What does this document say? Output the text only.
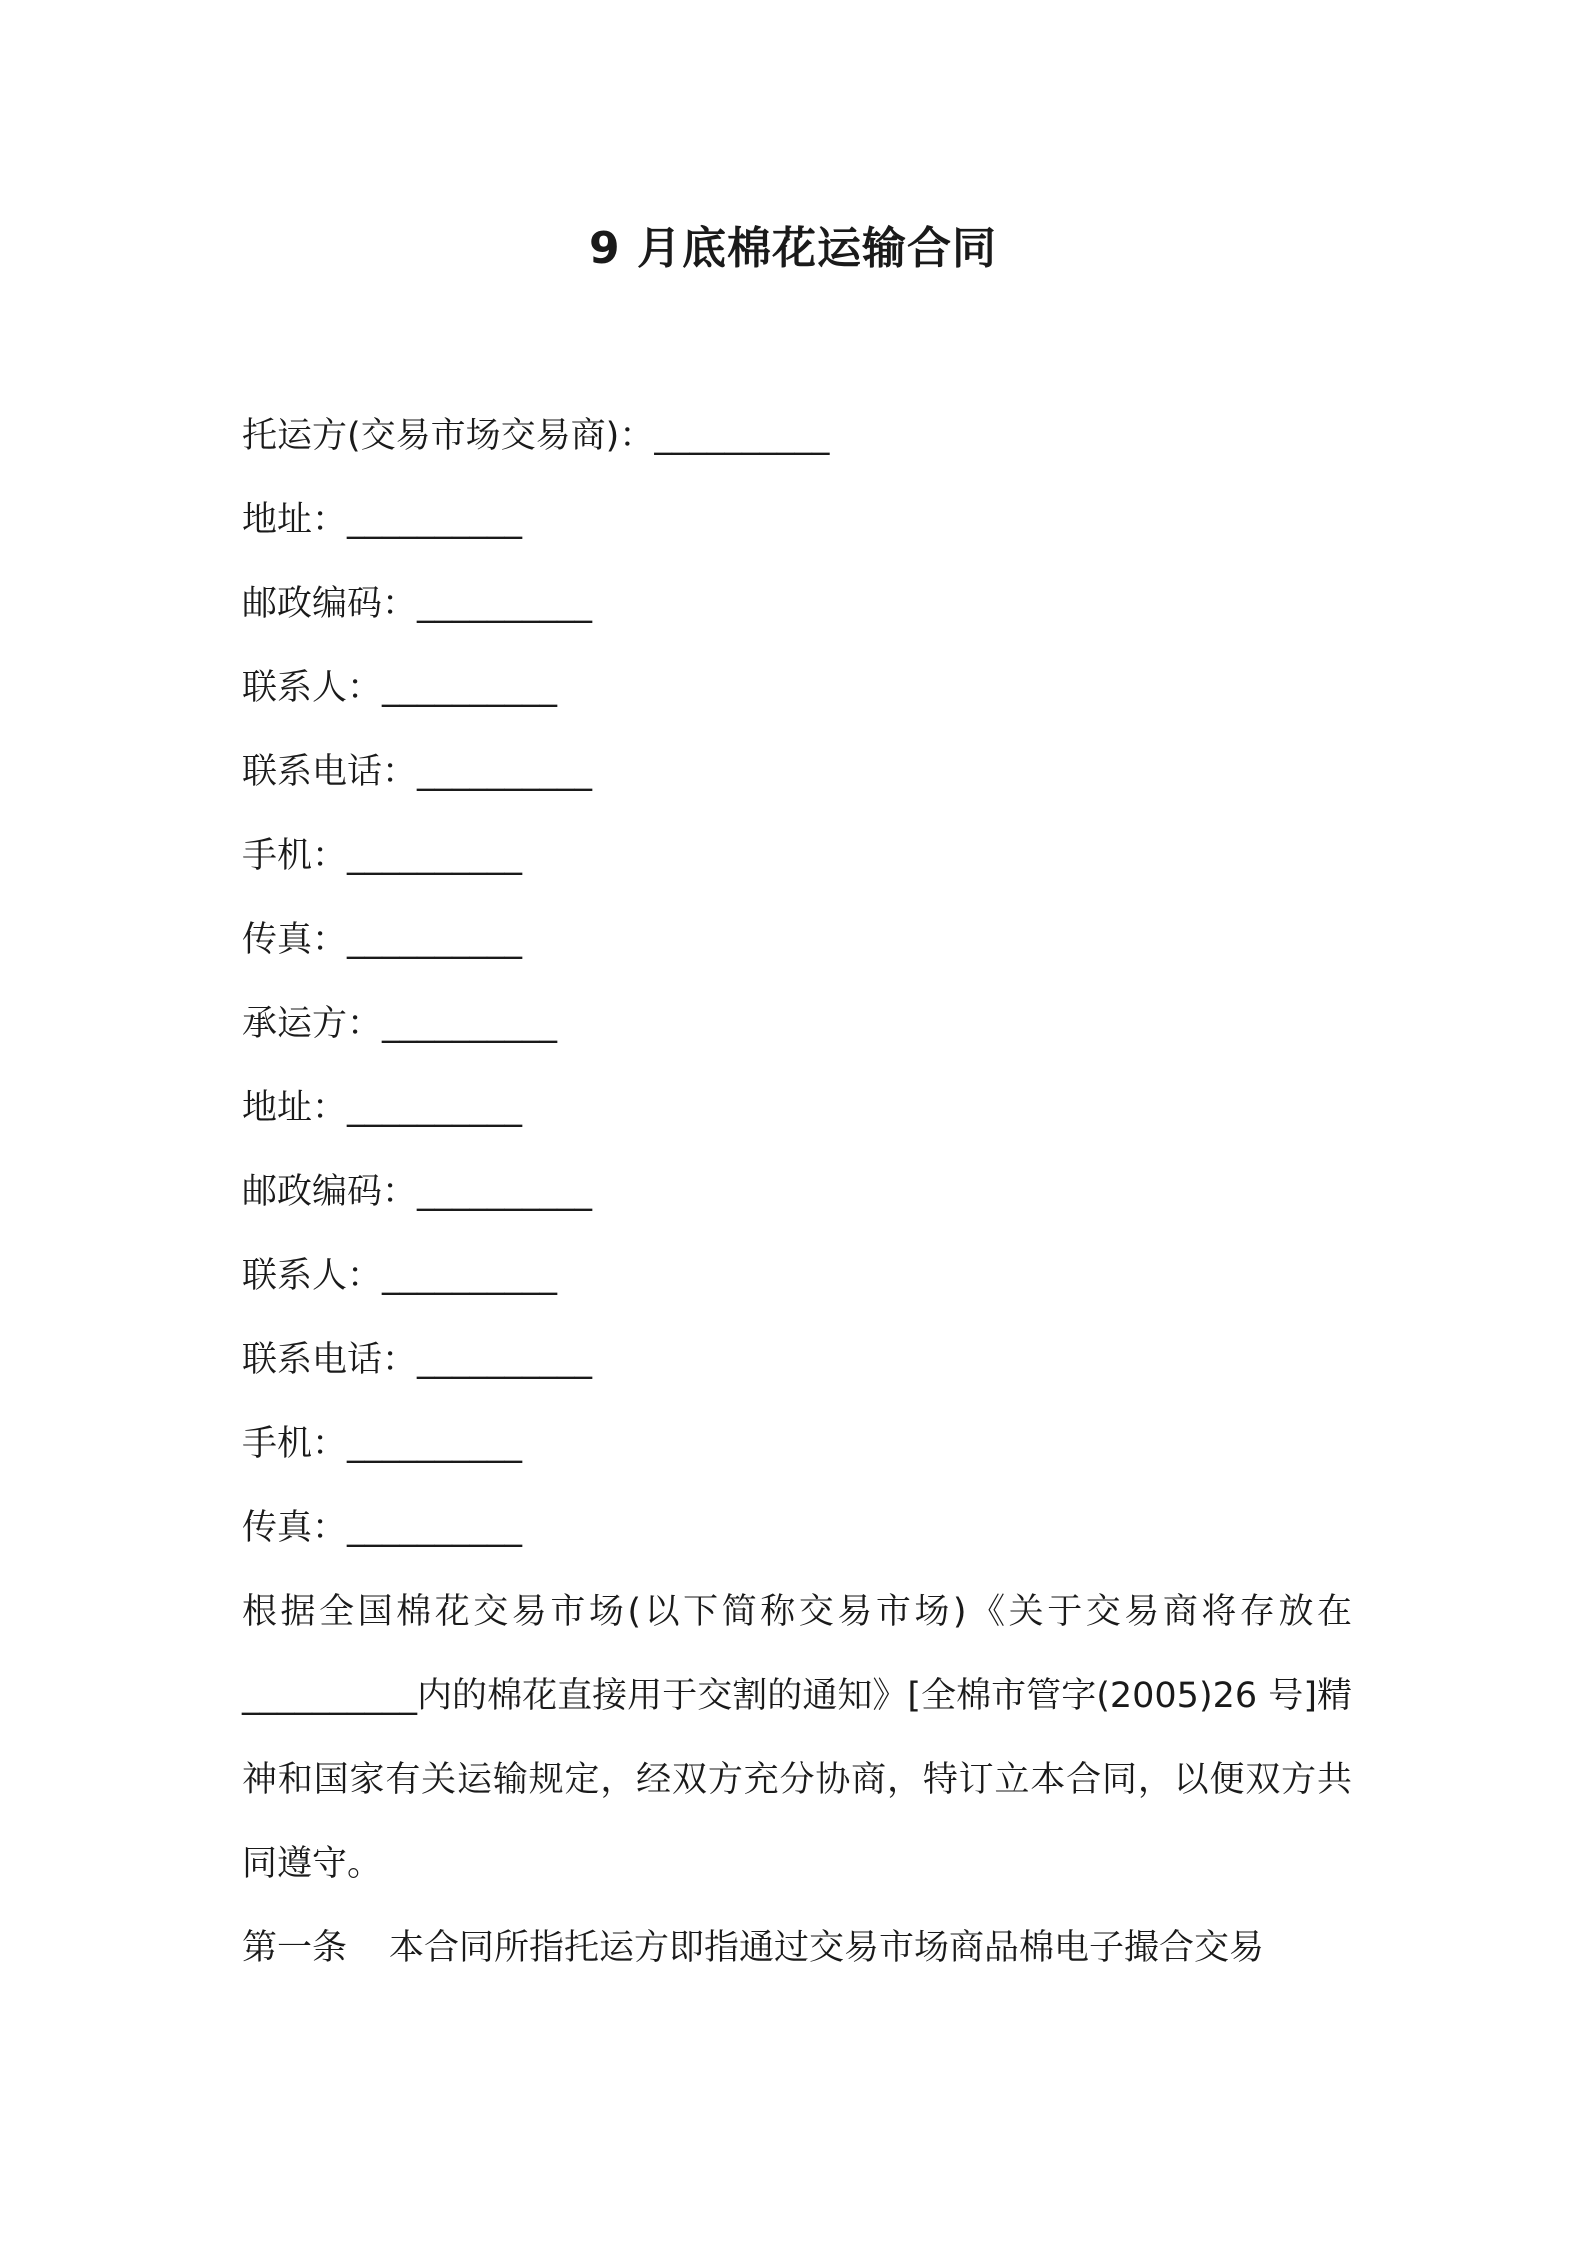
9 月底棉花运输合同
托运方(交易市场交易商)：__________
地址：__________
邮政编码：__________
联系人：__________
联系电话：__________
手机：__________
传真：__________
承运方：__________
地址：__________
邮政编码：__________
联系人：__________
联系电话：__________
手机：__________
传真：__________

根据全国棉花交易市场(以下简称交易市场)《关于交易商将存放在__________内的棉花直接用于交割的通知》[全棉市管字(2005)26 号]精神和国家有关运输规定，经双方充分协商，特订立本合同，以便双方共同遵守。

第一条 本合同所指托运方即指通过交易市场商品棉电子撮合交易
